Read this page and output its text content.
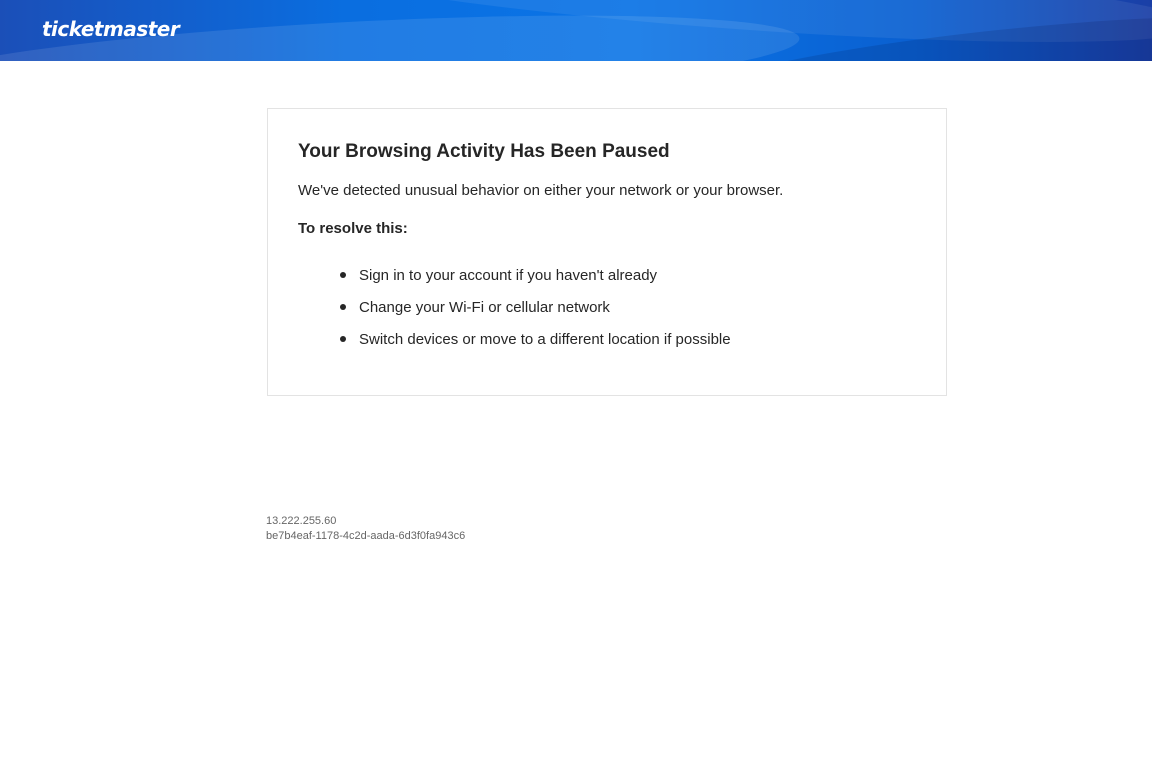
ticketmaster
Your Browsing Activity Has Been Paused

We've detected unusual behavior on either your network or your browser.

To resolve this:

Sign in to your account if you haven't already
Change your Wi-Fi or cellular network
Switch devices or move to a different location if possible
13.222.255.60
be7b4eaf-1178-4c2d-aada-6d3f0fa943c6
